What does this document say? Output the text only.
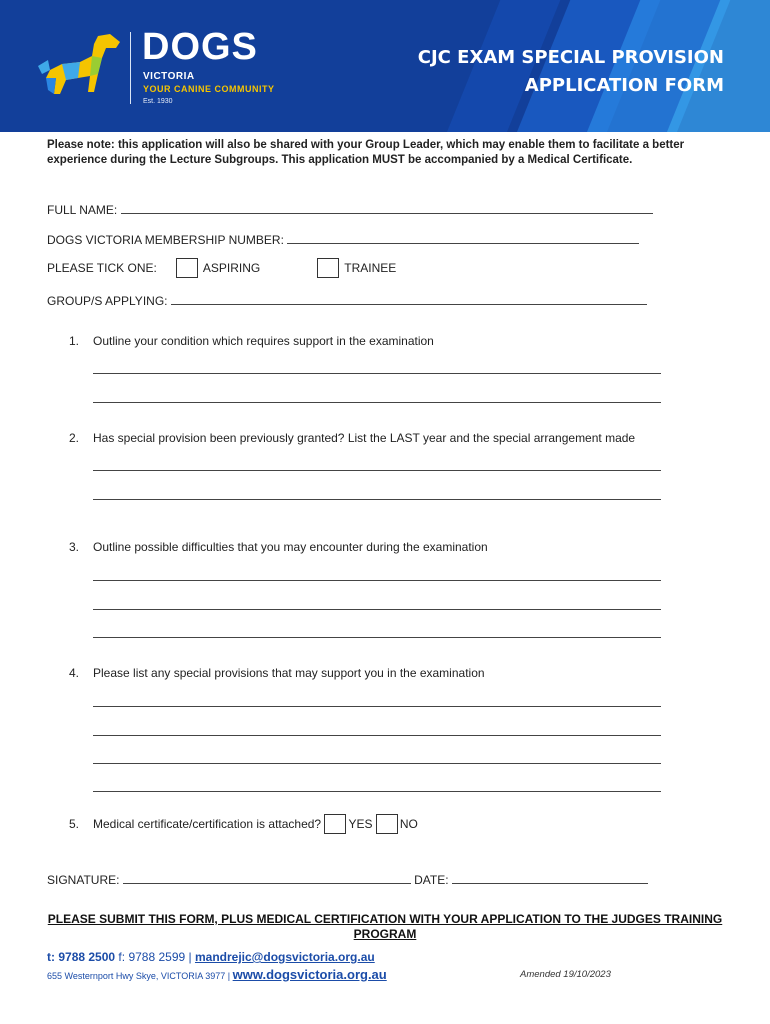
DOGS
VICTORIA
YOUR CANINE COMMUNITY
Est. 1930
CJC EXAM SPECIAL PROVISION
APPLICATION FORM
Please note: this application will also be shared with your Group Leader, which may enable them to facilitate a better experience during the Lecture Subgroups. This application MUST be accompanied by a Medical Certificate.
FULL NAME:
DOGS VICTORIA MEMBERSHIP NUMBER:
PLEASE TICK ONE:	ASPIRING	TRAINEE
GROUP/S APPLYING:
1. Outline your condition which requires support in the examination
2. Has special provision been previously granted? List the LAST year and the special arrangement made
3. Outline possible difficulties that you may encounter during the examination
4. Please list any special provisions that may support you in the examination
5. Medical certificate/certification is attached? YES NO
SIGNATURE:	DATE:
PLEASE SUBMIT THIS FORM, PLUS MEDICAL CERTIFICATION WITH YOUR APPLICATION TO THE JUDGES TRAINING PROGRAM
t: 9788 2500 f: 9788 2599 | mandrejic@dogsvictoria.org.au
655 Westernport Hwy Skye, VICTORIA 3977 | www.dogsvictoria.org.au	Amended 19/10/2023
